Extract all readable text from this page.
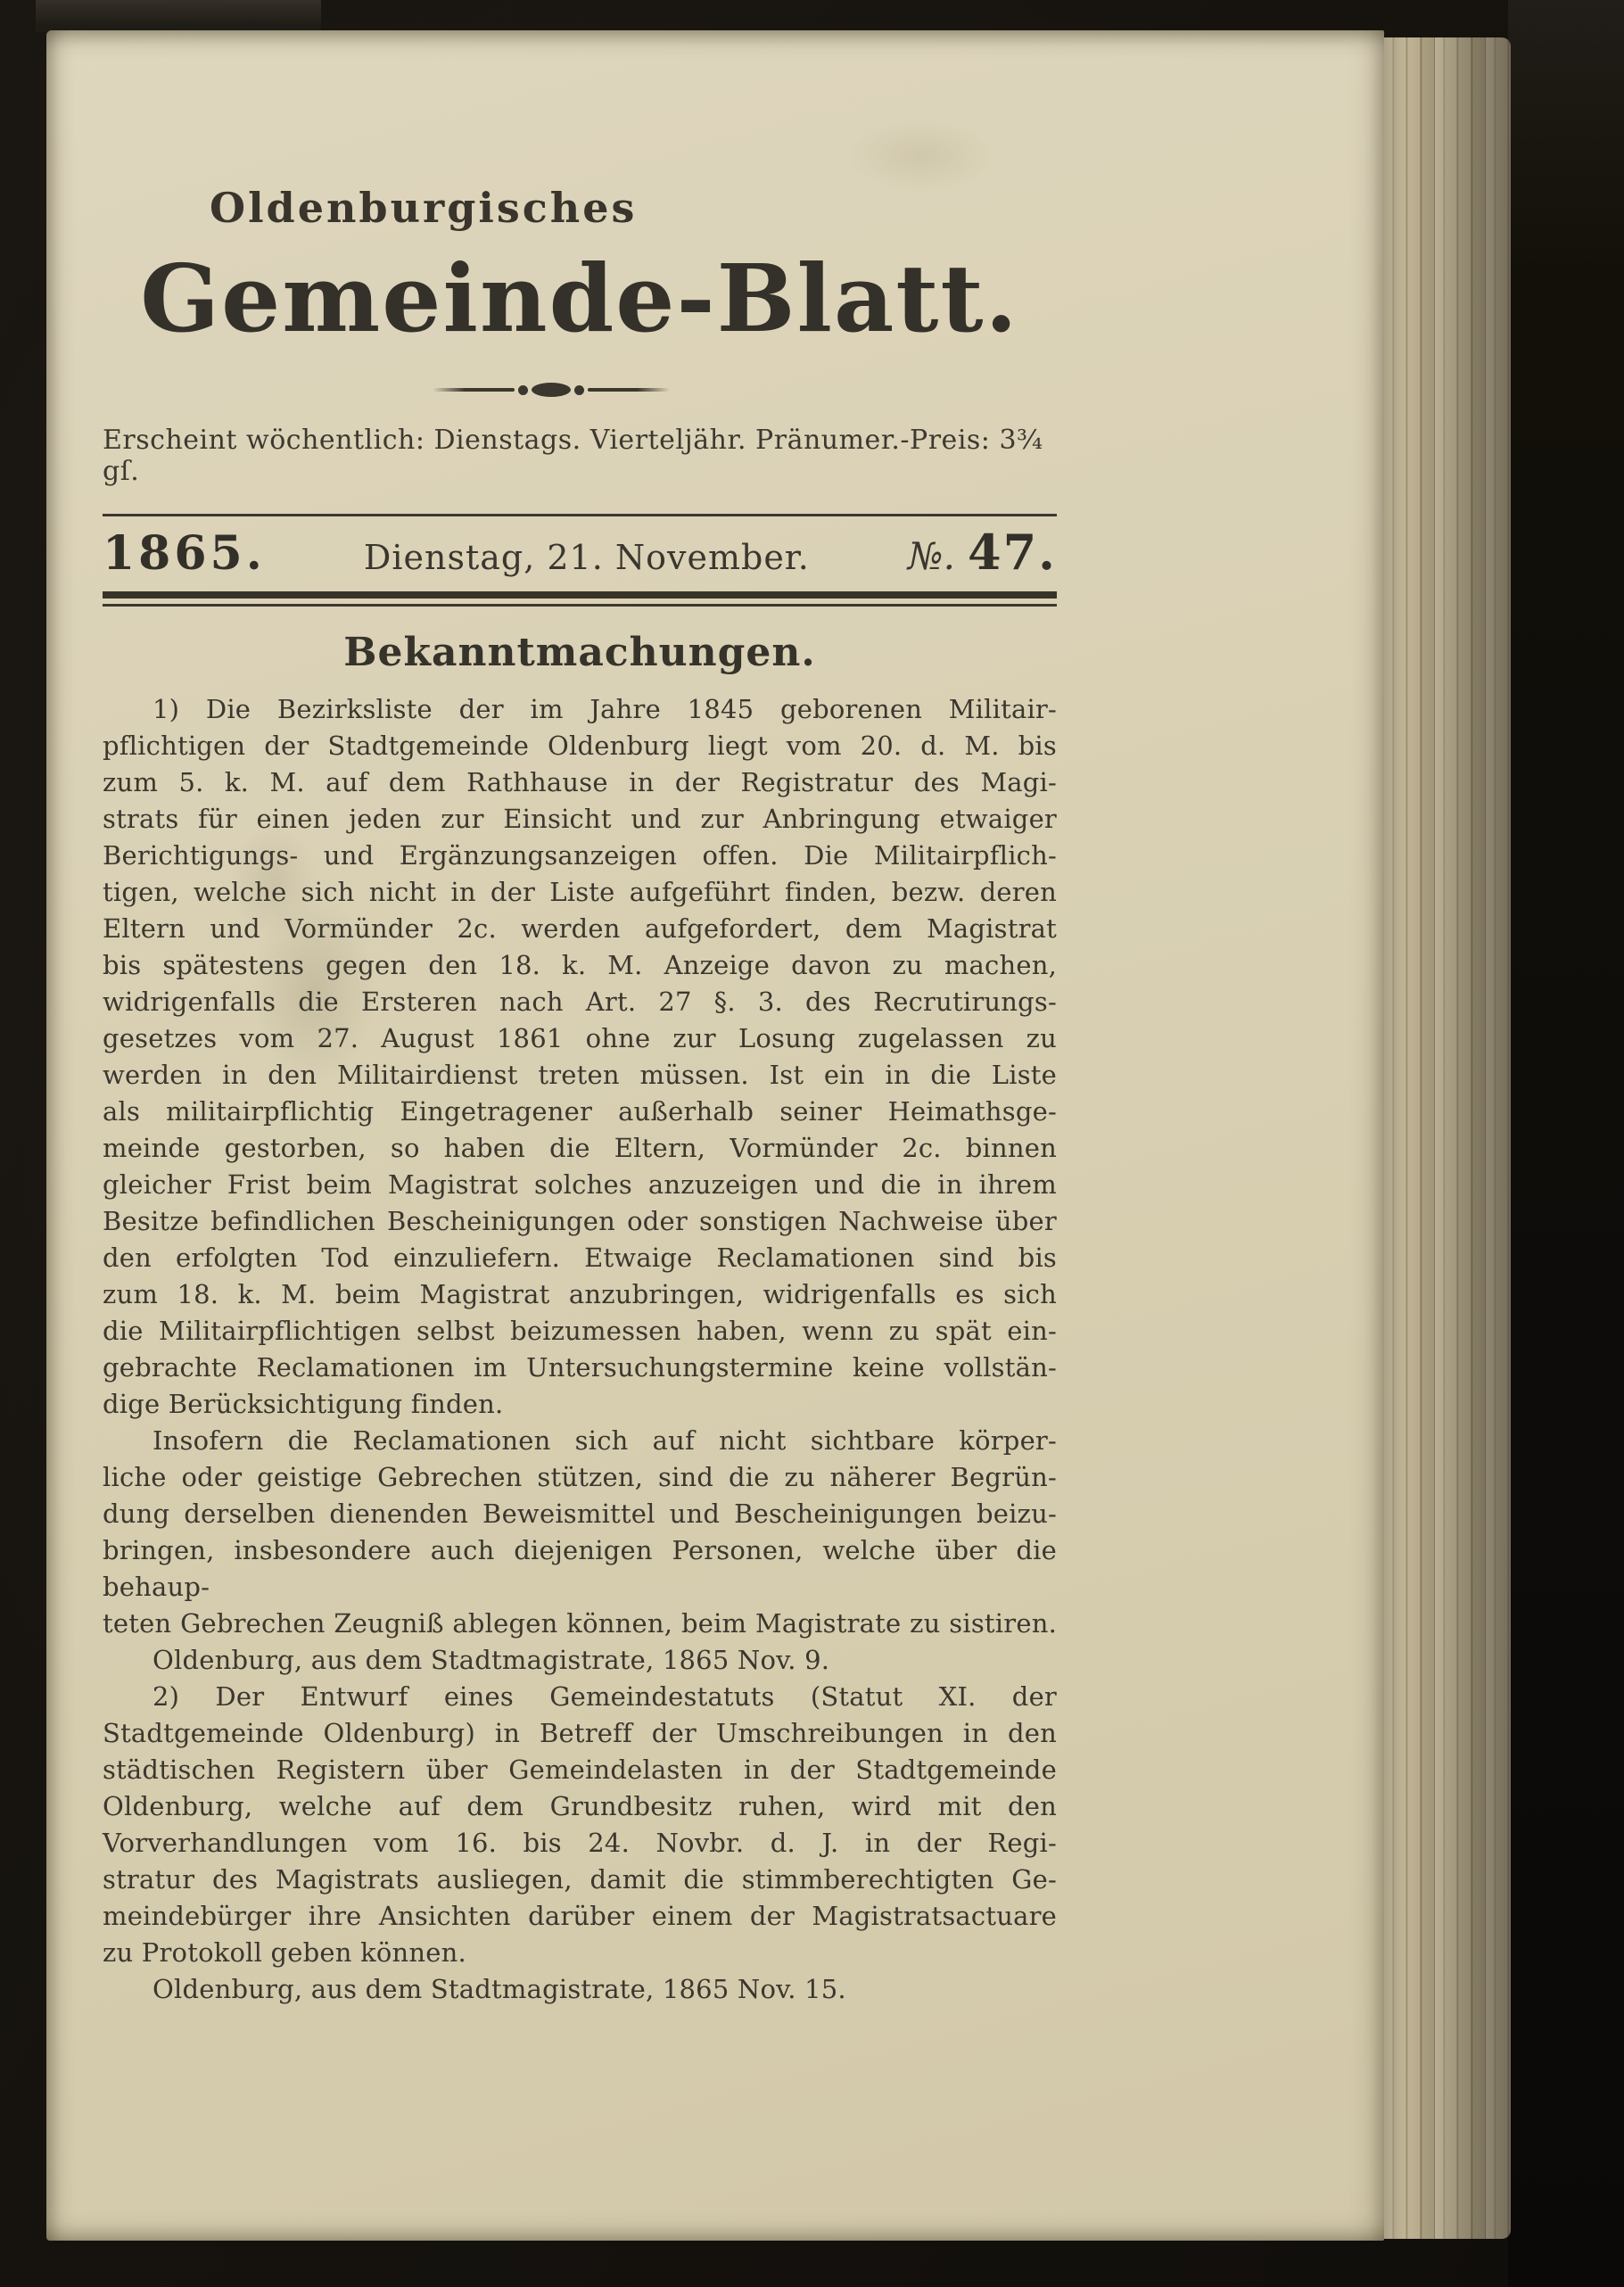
Oldenburgisches
Gemeinde-Blatt.
Erscheint wöchentlich: Dienstags. Vierteljähr. Pränumer.-Preis: 3¾ gſ.
1865.	Dienstag, 21. November.	№. 47.
Bekanntmachungen.
1) Die Bezirksliste der im Jahre 1845 geborenen Militair-
pflichtigen der Stadtgemeinde Oldenburg liegt vom 20. d. M. bis
zum 5. k. M. auf dem Rathhause in der Registratur des Magi-
strats für einen jeden zur Einsicht und zur Anbringung etwaiger
Berichtigungs- und Ergänzungsanzeigen offen. Die Militairpflich-
tigen, welche sich nicht in der Liste aufgeführt finden, bezw. deren
Eltern und Vormünder 2c. werden aufgefordert, dem Magistrat
bis spätestens gegen den 18. k. M. Anzeige davon zu machen,
widrigenfalls die Ersteren nach Art. 27 §. 3. des Recrutirungs-
gesetzes vom 27. August 1861 ohne zur Losung zugelassen zu
werden in den Militairdienst treten müssen. Ist ein in die Liste
als militairpflichtig Eingetragener außerhalb seiner Heimathsge-
meinde gestorben, so haben die Eltern, Vormünder 2c. binnen
gleicher Frist beim Magistrat solches anzuzeigen und die in ihrem
Besitze befindlichen Bescheinigungen oder sonstigen Nachweise über
den erfolgten Tod einzuliefern. Etwaige Reclamationen sind bis
zum 18. k. M. beim Magistrat anzubringen, widrigenfalls es sich
die Militairpflichtigen selbst beizumessen haben, wenn zu spät ein-
gebrachte Reclamationen im Untersuchungstermine keine vollstän-
dige Berücksichtigung finden.
Insofern die Reclamationen sich auf nicht sichtbare körper-
liche oder geistige Gebrechen stützen, sind die zu näherer Begrün-
dung derselben dienenden Beweismittel und Bescheinigungen beizu-
bringen, insbesondere auch diejenigen Personen, welche über die behaup-
teten Gebrechen Zeugniß ablegen können, beim Magistrate zu sistiren.
Oldenburg, aus dem Stadtmagistrate, 1865 Nov. 9.
2) Der Entwurf eines Gemeindestatuts (Statut XI. der
Stadtgemeinde Oldenburg) in Betreff der Umschreibungen in den
städtischen Registern über Gemeindelasten in der Stadtgemeinde
Oldenburg, welche auf dem Grundbesitz ruhen, wird mit den
Vorverhandlungen vom 16. bis 24. Novbr. d. J. in der Regi-
stratur des Magistrats ausliegen, damit die stimmberechtigten Ge-
meindebürger ihre Ansichten darüber einem der Magistratsactuare
zu Protokoll geben können.
Oldenburg, aus dem Stadtmagistrate, 1865 Nov. 15.
